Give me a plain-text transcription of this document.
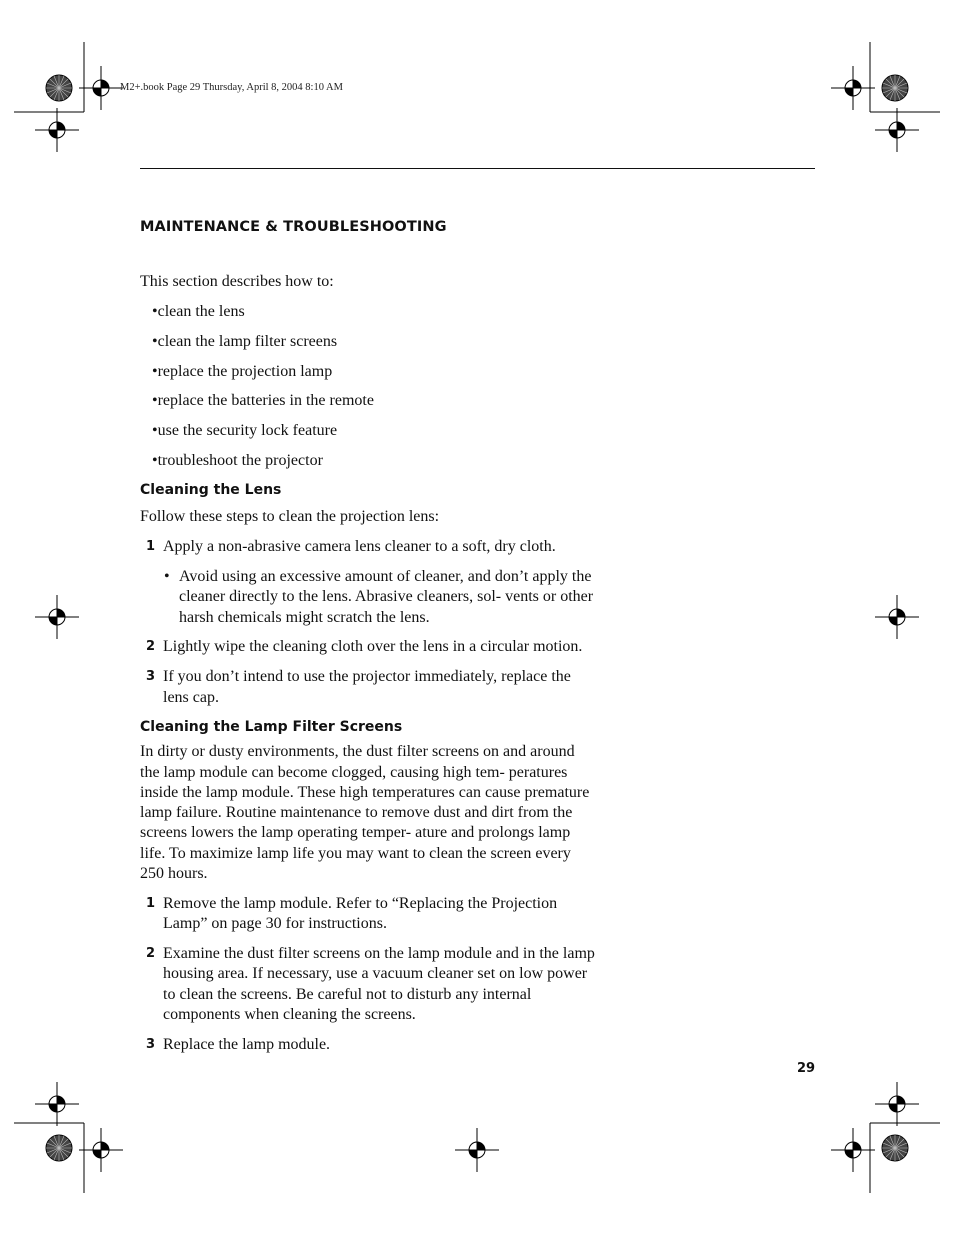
M2+.book Page 29 Thursday, April 8, 2004 8:10 AM
MAINTENANCE & TROUBLESHOOTING

This section describes how to:

•clean the lens
•clean the lamp filter screens
•replace the projection lamp
•replace the batteries in the remote
•use the security lock feature
•troubleshoot the projector
Cleaning the Lens

Follow these steps to clean the projection lens:

1 Apply a non-abrasive camera lens cleaner to a soft, dry cloth.
• Avoid using an excessive amount of cleaner, and don’t apply the cleaner directly to the lens. Abrasive cleaners, sol- vents or other harsh chemicals might scratch the lens.
2 Lightly wipe the cleaning cloth over the lens in a circular motion.
3 If you don’t intend to use the projector immediately, replace the lens cap.
Cleaning the Lamp Filter Screens

In dirty or dusty environments, the dust filter screens on and around the lamp module can become clogged, causing high tem- peratures inside the lamp module. These high temperatures can cause premature lamp failure. Routine maintenance to remove dust and dirt from the screens lowers the lamp operating temper- ature and prolongs lamp life. To maximize lamp life you may want to clean the screen every 250 hours.

1 Remove the lamp module. Refer to “Replacing the Projection Lamp” on page 30 for instructions.
2 Examine the dust filter screens on the lamp module and in the lamp housing area. If necessary, use a vacuum cleaner set on low power to clean the screens. Be careful not to disturb any internal components when cleaning the screens.
3 Replace the lamp module.
29
